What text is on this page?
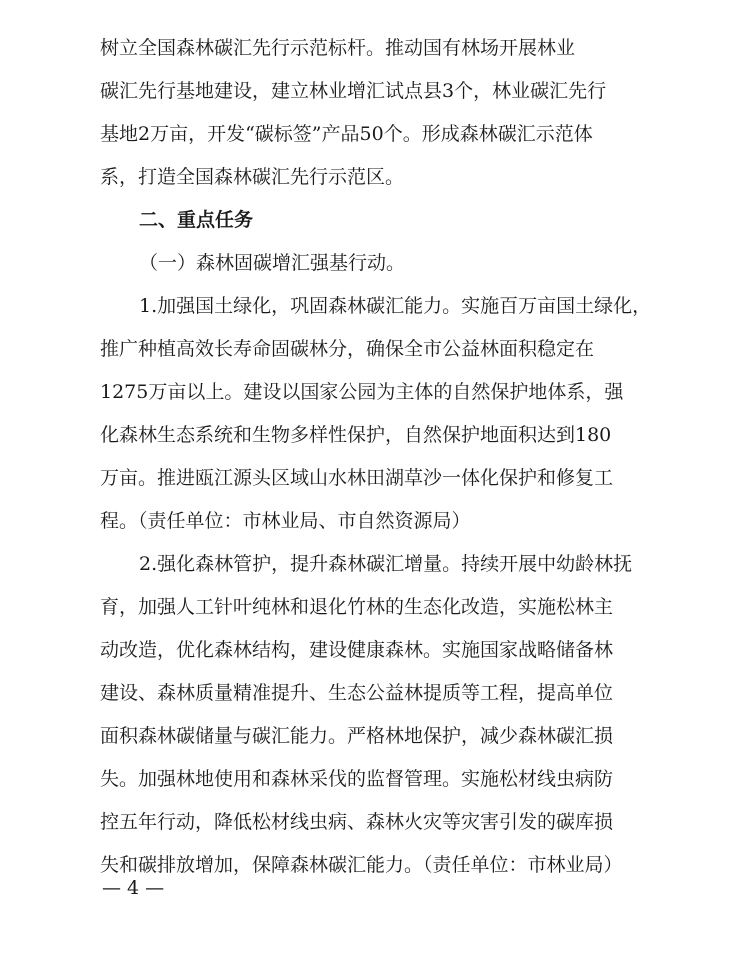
树立全国森林碳汇先行示范标杆。推动国有林场开展林业
碳汇先行基地建设，建立林业增汇试点县3个，林业碳汇先行
基地2万亩，开发“碳标签”产品50个。形成森林碳汇示范体
系，打造全国森林碳汇先行示范区。
二、重点任务
（一）森林固碳增汇强基行动。
1.加强国土绿化，巩固森林碳汇能力。实施百万亩国土绿化，
推广种植高效长寿命固碳林分，确保全市公益林面积稳定在
1275万亩以上。建设以国家公园为主体的自然保护地体系，强
化森林生态系统和生物多样性保护，自然保护地面积达到180
万亩。推进瓯江源头区域山水林田湖草沙一体化保护和修复工
程。（责任单位：市林业局、市自然资源局）
2.强化森林管护，提升森林碳汇增量。持续开展中幼龄林抚
育，加强人工针叶纯林和退化竹林的生态化改造，实施松林主
动改造，优化森林结构，建设健康森林。实施国家战略储备林
建设、森林质量精准提升、生态公益林提质等工程，提高单位
面积森林碳储量与碳汇能力。严格林地保护，减少森林碳汇损
失。加强林地使用和森林采伐的监督管理。实施松材线虫病防
控五年行动，降低松材线虫病、森林火灾等灾害引发的碳库损
失和碳排放增加，保障森林碳汇能力。（责任单位：市林业局）
— 4 —
